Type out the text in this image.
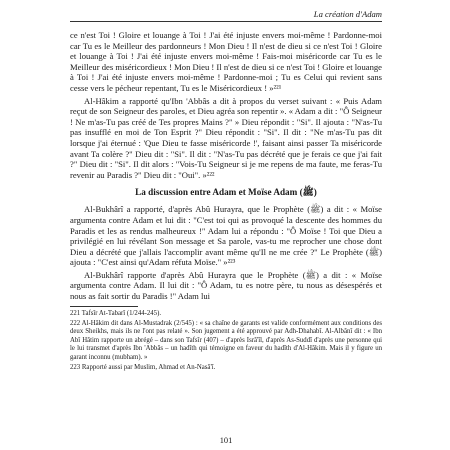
La création d'Adam

ce n'est Toi ! Gloire et louange à Toi ! J'ai été injuste envers moi-même ! Pardonne-moi car Tu es le Meilleur des pardonneurs ! Mon Dieu ! Il n'est de dieu si ce n'est Toi ! Gloire et louange à Toi ! J'ai été injuste envers moi-même ! Fais-moi miséricorde car Tu es le Meilleur des miséricordieux ! Mon Dieu ! Il n'est de dieu si ce n'est Toi ! Gloire et louange à Toi ! J'ai été injuste envers moi-même ! Pardonne-moi ; Tu es Celui qui revient sans cesse vers le pécheur repentant, Tu es le Miséricordieux ! »²²¹

Al-Hâkim a rapporté qu'Ibn 'Abbâs a dit à propos du verset suivant : « Puis Adam reçut de son Seigneur des paroles, et Dieu agréa son repentir ». « Adam a dit : "Ô Seigneur ! Ne m'as-Tu pas créé de Tes propres Mains ?" » Dieu répondit : "Si". Il ajouta : "N'as-Tu pas insufflé en moi de Ton Esprit ?" Dieu répondit : "Si". Il dit : "Ne m'as-Tu pas dit lorsque j'ai éternué : 'Que Dieu te fasse miséricorde !', faisant ainsi passer Ta miséricorde avant Ta colère ?" Dieu dit : "Si". Il dit : "N'as-Tu pas décrété que je ferais ce que j'ai fait ?" Dieu dit : "Si". Il dit alors : "Vois-Tu Seigneur si je me repens de ma faute, me feras-Tu revenir au Paradis ?" Dieu dit : "Oui". »²²²

La discussion entre Adam et Moïse Adam (ﷺ)

Al-Bukhârî a rapporté, d'après Abû Hurayra, que le Prophète (ﷺ) a dit : « Moïse argumenta contre Adam et lui dit : "C'est toi qui as provoqué la descente des hommes du Paradis et les as rendus malheureux !" Adam lui a répondu : "Ô Moïse ! Toi que Dieu a privilégié en lui révélant Son message et Sa parole, vas-tu me reprocher une chose dont Dieu a décrété que j'allais l'accomplir avant même qu'Il ne me crée ?" Le Prophète (ﷺ) ajouta : "C'est ainsi qu'Adam réfuta Moïse." »²²³

Al-Bukhârî rapporte d'après Abû Hurayra que le Prophète (ﷺ) a dit : « Moïse argumenta contre Adam. Il lui dit : "Ô Adam, tu es notre père, tu nous as désespérés et nous as fait sortir du Paradis !" Adam lui

221 Tafsîr At-Tabarî (1/244-245).

222 Al-Hâkim dit dans Al-Mustadrak (2/545) : « sa chaîne de garants est valide conformément aux conditions des deux Sheikhs, mais ils ne l'ont pas relaté ». Son jugement a été approuvé par Adh-Dhahabî. Al-Albânî dit : « Ibn Abî Hâtim rapporte un abrégé – dans son Tafsîr (407) – d'après Isrâ'îl, d'après As-Suddî d'après une personne qui le lui transmet d'après Ibn 'Abbâs – un hadîth qui témoigne en faveur du hadîth d'Al-Hâkim. Mais il y figure un garant inconnu (mubham). »

223 Rapporté aussi par Muslim, Ahmad et An-Nasâ'î.

101
